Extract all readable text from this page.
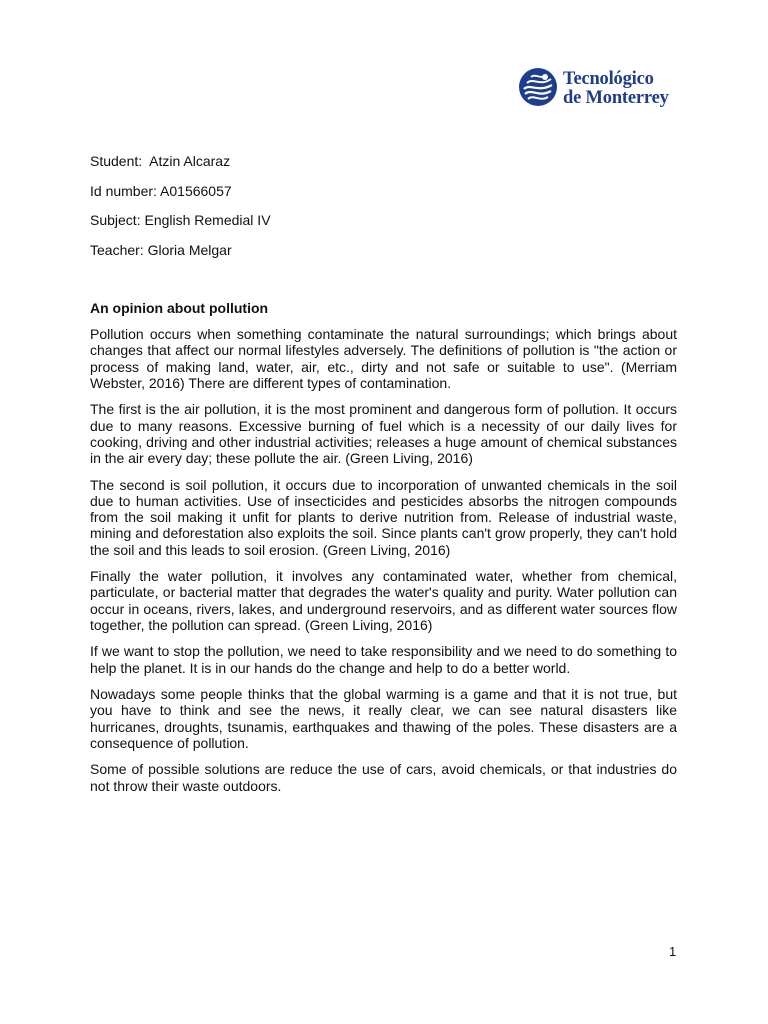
Tecnológico
de Monterrey

Student:  Atzin Alcaraz

Id number: A01566057

Subject: English Remedial IV

Teacher: Gloria Melgar

An opinion about pollution

Pollution occurs when something contaminate the natural surroundings; which brings about changes that affect our normal lifestyles adversely. The definitions of pollution is "the action or process of making land, water, air, etc., dirty and not safe or suitable to use". (Merriam Webster, 2016) There are different types of contamination.

The first is the air pollution, it is the most prominent and dangerous form of pollution. It occurs due to many reasons. Excessive burning of fuel which is a necessity of our daily lives for cooking, driving and other industrial activities; releases a huge amount of chemical substances in the air every day; these pollute the air. (Green Living, 2016)

The second is soil pollution, it occurs due to incorporation of unwanted chemicals in the soil due to human activities. Use of insecticides and pesticides absorbs the nitrogen compounds from the soil making it unfit for plants to derive nutrition from. Release of industrial waste, mining and deforestation also exploits the soil. Since plants can't grow properly, they can't hold the soil and this leads to soil erosion. (Green Living, 2016)

Finally the water pollution, it involves any contaminated water, whether from chemical, particulate, or bacterial matter that degrades the water's quality and purity. Water pollution can occur in oceans, rivers, lakes, and underground reservoirs, and as different water sources flow together, the pollution can spread. (Green Living, 2016)

If we want to stop the pollution, we need to take responsibility and we need to do something to help the planet. It is in our hands do the change and help to do a better world.

Nowadays some people thinks that the global warming is a game and that it is not true, but you have to think and see the news, it really clear, we can see natural disasters like hurricanes, droughts, tsunamis, earthquakes and thawing of the poles. These disasters are a consequence of pollution.

Some of possible solutions are reduce the use of cars, avoid chemicals, or that industries do not throw their waste outdoors.

1
